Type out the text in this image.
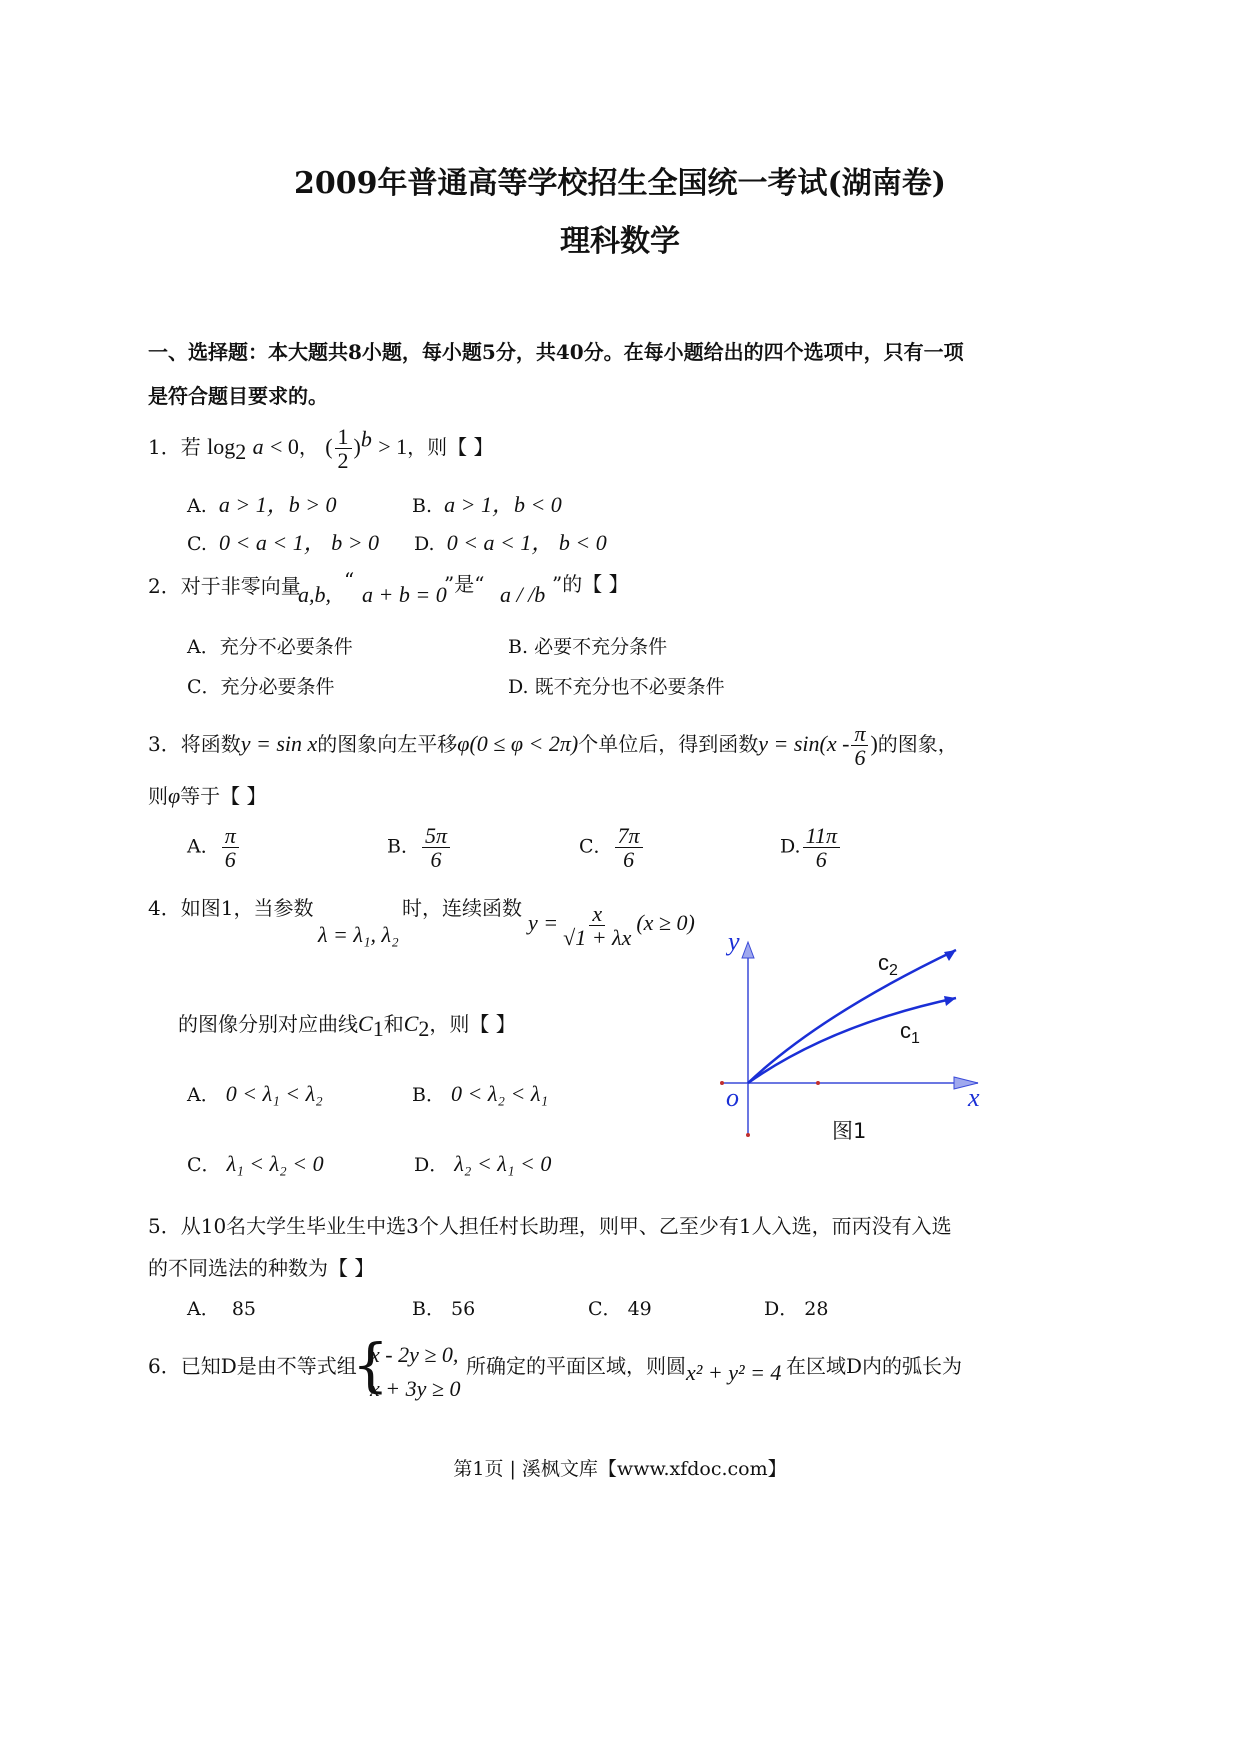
2009年普通高等学校招生全国统一考试(湖南卷)
理科数学
一、选择题：本大题共8小题，每小题5分，共40分。在每小题给出的四个选项中，只有一项
是符合题目要求的。
1．若 $\log_2 a < 0$， ( $\frac{1}{2} )^b > 1$，则【 】
A. a > 1，b > 0	B. a > 1，b < 0
C. 0 < a < 1， b > 0 D. 0 < a < 1， b < 0
2．对于非零向量
a,b,
“
a + b = 0
”是“ a / /b ”的【 】
A．充分不必要条件	B. 必要不充分条件
C．充分必要条件	D. 既不充分也不必要条件
3．将函数y = sin x的图象向左平移φ(0 ≤ φ < 2π)个单位后，得到函数$y = \sin(x - \frac{\pi}{6}$ )的图象，
则φ等于【 】
A． $\frac{\pi}{6}$	B． $\frac{5\pi}{6}$	C． $\frac{7\pi}{6}$	D. $\frac{11\pi}{6}$
4．如图1，当参数
λ = λ₁, λ₂
时，连续函数
$y = \frac{x}{√1 + \lambda x} (x \ge 0)$
的图像分别对应曲线$C_1$和$C_2$，则【 】
A． 0 < λ₁ < λ₂	B． 0 < λ₂ < λ₁
C． λ₁ < λ₂ < 0	D． λ₂ < λ₁ < 0
y
x
o
$c_2$
$c_1$
图1
5．从10名大学生毕业生中选3个人担任村长助理，则甲、乙至少有1人入选，而丙没有入选
的不同选法的种数为【 】
A． 85	B． 56	C． 49	D． 28
6．已知D是由不等式组
{
x - 2y ≥ 0,
x + 3y ≥ 0
所确定的平面区域，则圆 x² + y² = 4 在区域D内的弧长为
第1页 | 溪枫文库【www.xfdoc.com】
